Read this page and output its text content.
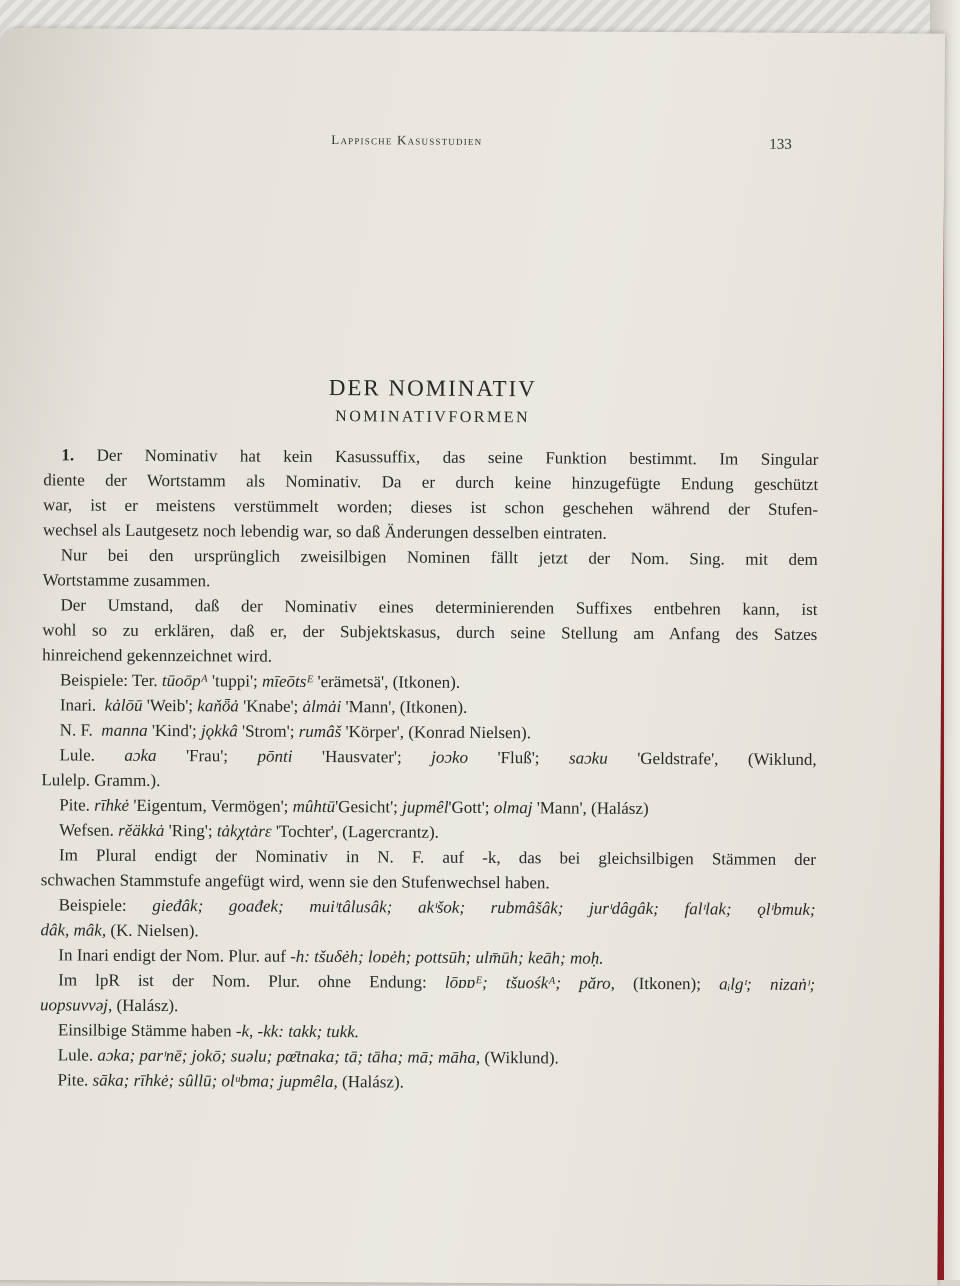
Lappische Kasusstudien	133
DER NOMINATIV
NOMINATIVFORMEN
1. Der Nominativ hat kein Kasussuffix, das seine Funktion bestimmt. Im Singular
diente der Wortstamm als Nominativ. Da er durch keine hinzugefügte Endung geschützt
war, ist er meistens verstümmelt worden; dieses ist schon geschehen während der Stufen-
wechsel als Lautgesetz noch lebendig war, so daß Änderungen desselben eintraten.
Nur bei den ursprünglich zweisilbigen Nominen fällt jetzt der Nom. Sing. mit dem
Wortstamme zusammen.
Der Umstand, daß der Nominativ eines determinierenden Suffixes entbehren kann, ist
wohl so zu erklären, daß er, der Subjektskasus, durch seine Stellung am Anfang des Satzes
hinreichend gekennzeichnet wird.
Beispiele: Ter. tūoōpᴬ 'tuppi'; mīeōtsᴱ 'erämetsä', (Itkonen).
Inari. kȧlōū 'Weib'; kaňȫȧ 'Knabe'; ȧlmȧi 'Mann', (Itkonen).
N. F. manna 'Kind'; jǫkkâ 'Strom'; rumâš 'Körper', (Konrad Nielsen).
Lule. aɔka 'Frau'; pōnti 'Hausvater'; joɔko 'Fluß'; saɔku 'Geldstrafe', (Wiklund,
Lulelp. Gramm.).
Pite. rīhkė 'Eigentum, Vermögen'; mûhtū'Gesicht'; jupmêl'Gott'; olmaj 'Mann', (Halász)
Wefsen. rĕäkkȧ 'Ring'; tȧkχtȧrɛ 'Tochter', (Lagercrantz).
Im Plural endigt der Nominativ in N. F. auf -k, das bei gleichsilbigen Stämmen der
schwachen Stammstufe angefügt wird, wenn sie den Stufenwechsel haben.
Beispiele: gieđâk; goađek; muiᶦtâlusâk; akᶦšok; rubmâšâk; jurᶦdâgâk; falᶦlak; ǫlᶦbmuk;
dâk, mâk, (K. Nielsen).
In Inari endigt der Nom. Plur. auf -h: tšuδėh; loɒėh; pottsūh; ulm̄ūh; keāh; moḥ.
Im lpR ist der Nom. Plur. ohne Endung: lōɒɒᴱ; tšuośkᴬ; păro, (Itkonen); aᵢlgᶦ; nizaṅᶦ;
uopsuvvəj, (Halász).
Einsilbige Stämme haben -k, -kk: takk; tukk.
Lule. aɔka; parᶦnē; jokō; suəlu; pœ̄tnaka; tā; tāha; mā; māha, (Wiklund).
Pite. sāka; rīhkė; sûllū; olᵘbma; jupmêla, (Halász).
